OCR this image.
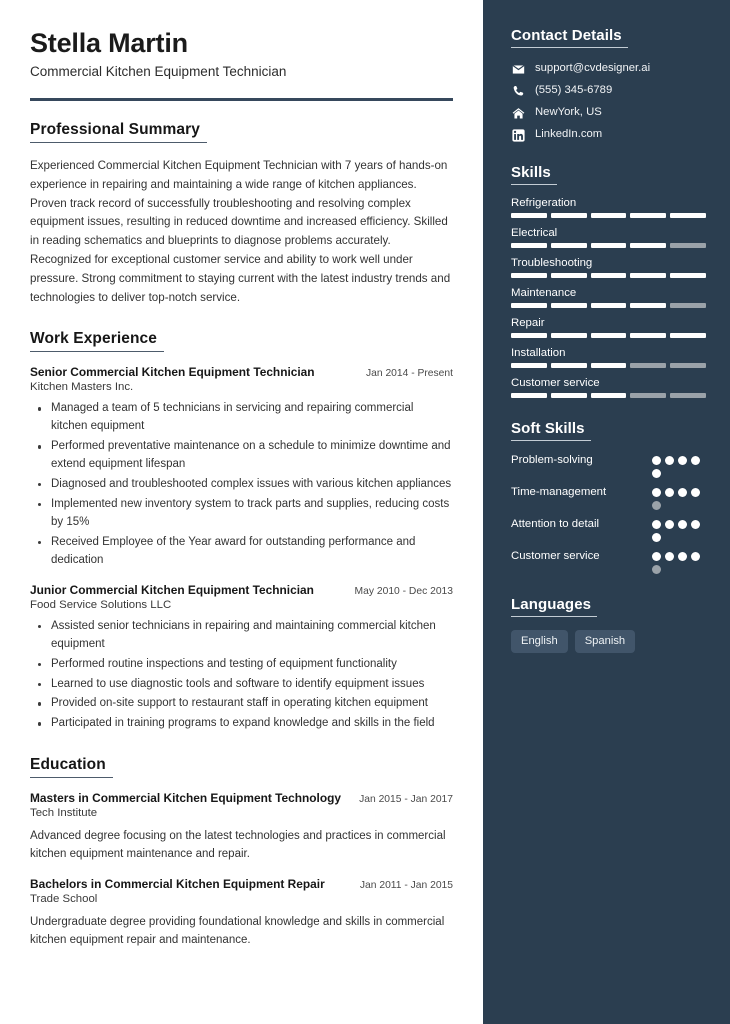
Stella Martin
Commercial Kitchen Equipment Technician
Professional Summary

Experienced Commercial Kitchen Equipment Technician with 7 years of hands-on experience in repairing and maintaining a wide range of kitchen appliances. Proven track record of successfully troubleshooting and resolving complex equipment issues, resulting in reduced downtime and increased efficiency. Skilled in reading schematics and blueprints to diagnose problems accurately. Recognized for exceptional customer service and ability to work well under pressure. Strong commitment to staying current with the latest industry trends and technologies to deliver top-notch service.

Work Experience
Senior Commercial Kitchen Equipment Technician	Jan 2014 - Present
Kitchen Masters Inc.
Managed a team of 5 technicians in servicing and repairing commercial kitchen equipment
Performed preventative maintenance on a schedule to minimize downtime and extend equipment lifespan
Diagnosed and troubleshooted complex issues with various kitchen appliances
Implemented new inventory system to track parts and supplies, reducing costs by 15%
Received Employee of the Year award for outstanding performance and dedication
Junior Commercial Kitchen Equipment Technician	May 2010 - Dec 2013
Food Service Solutions LLC
Assisted senior technicians in repairing and maintaining commercial kitchen equipment
Performed routine inspections and testing of equipment functionality
Learned to use diagnostic tools and software to identify equipment issues
Provided on-site support to restaurant staff in operating kitchen equipment
Participated in training programs to expand knowledge and skills in the field
Education
Masters in Commercial Kitchen Equipment Technology Jan 2015 - Jan 2017
Tech Institute
Advanced degree focusing on the latest technologies and practices in commercial kitchen equipment maintenance and repair.
Bachelors in Commercial Kitchen Equipment Repair	Jan 2011 - Jan 2015
Trade School
Undergraduate degree providing foundational knowledge and skills in commercial kitchen equipment repair and maintenance.
Contact Details
support@cvdesigner.ai
(555) 345-6789
NewYork, US
LinkedIn.com
Skills
Refrigeration
Electrical
Troubleshooting
Maintenance
Repair
Installation
Customer service
Soft Skills
Problem-solving
Time-management
Attention to detail
Customer service
Languages
English	Spanish
